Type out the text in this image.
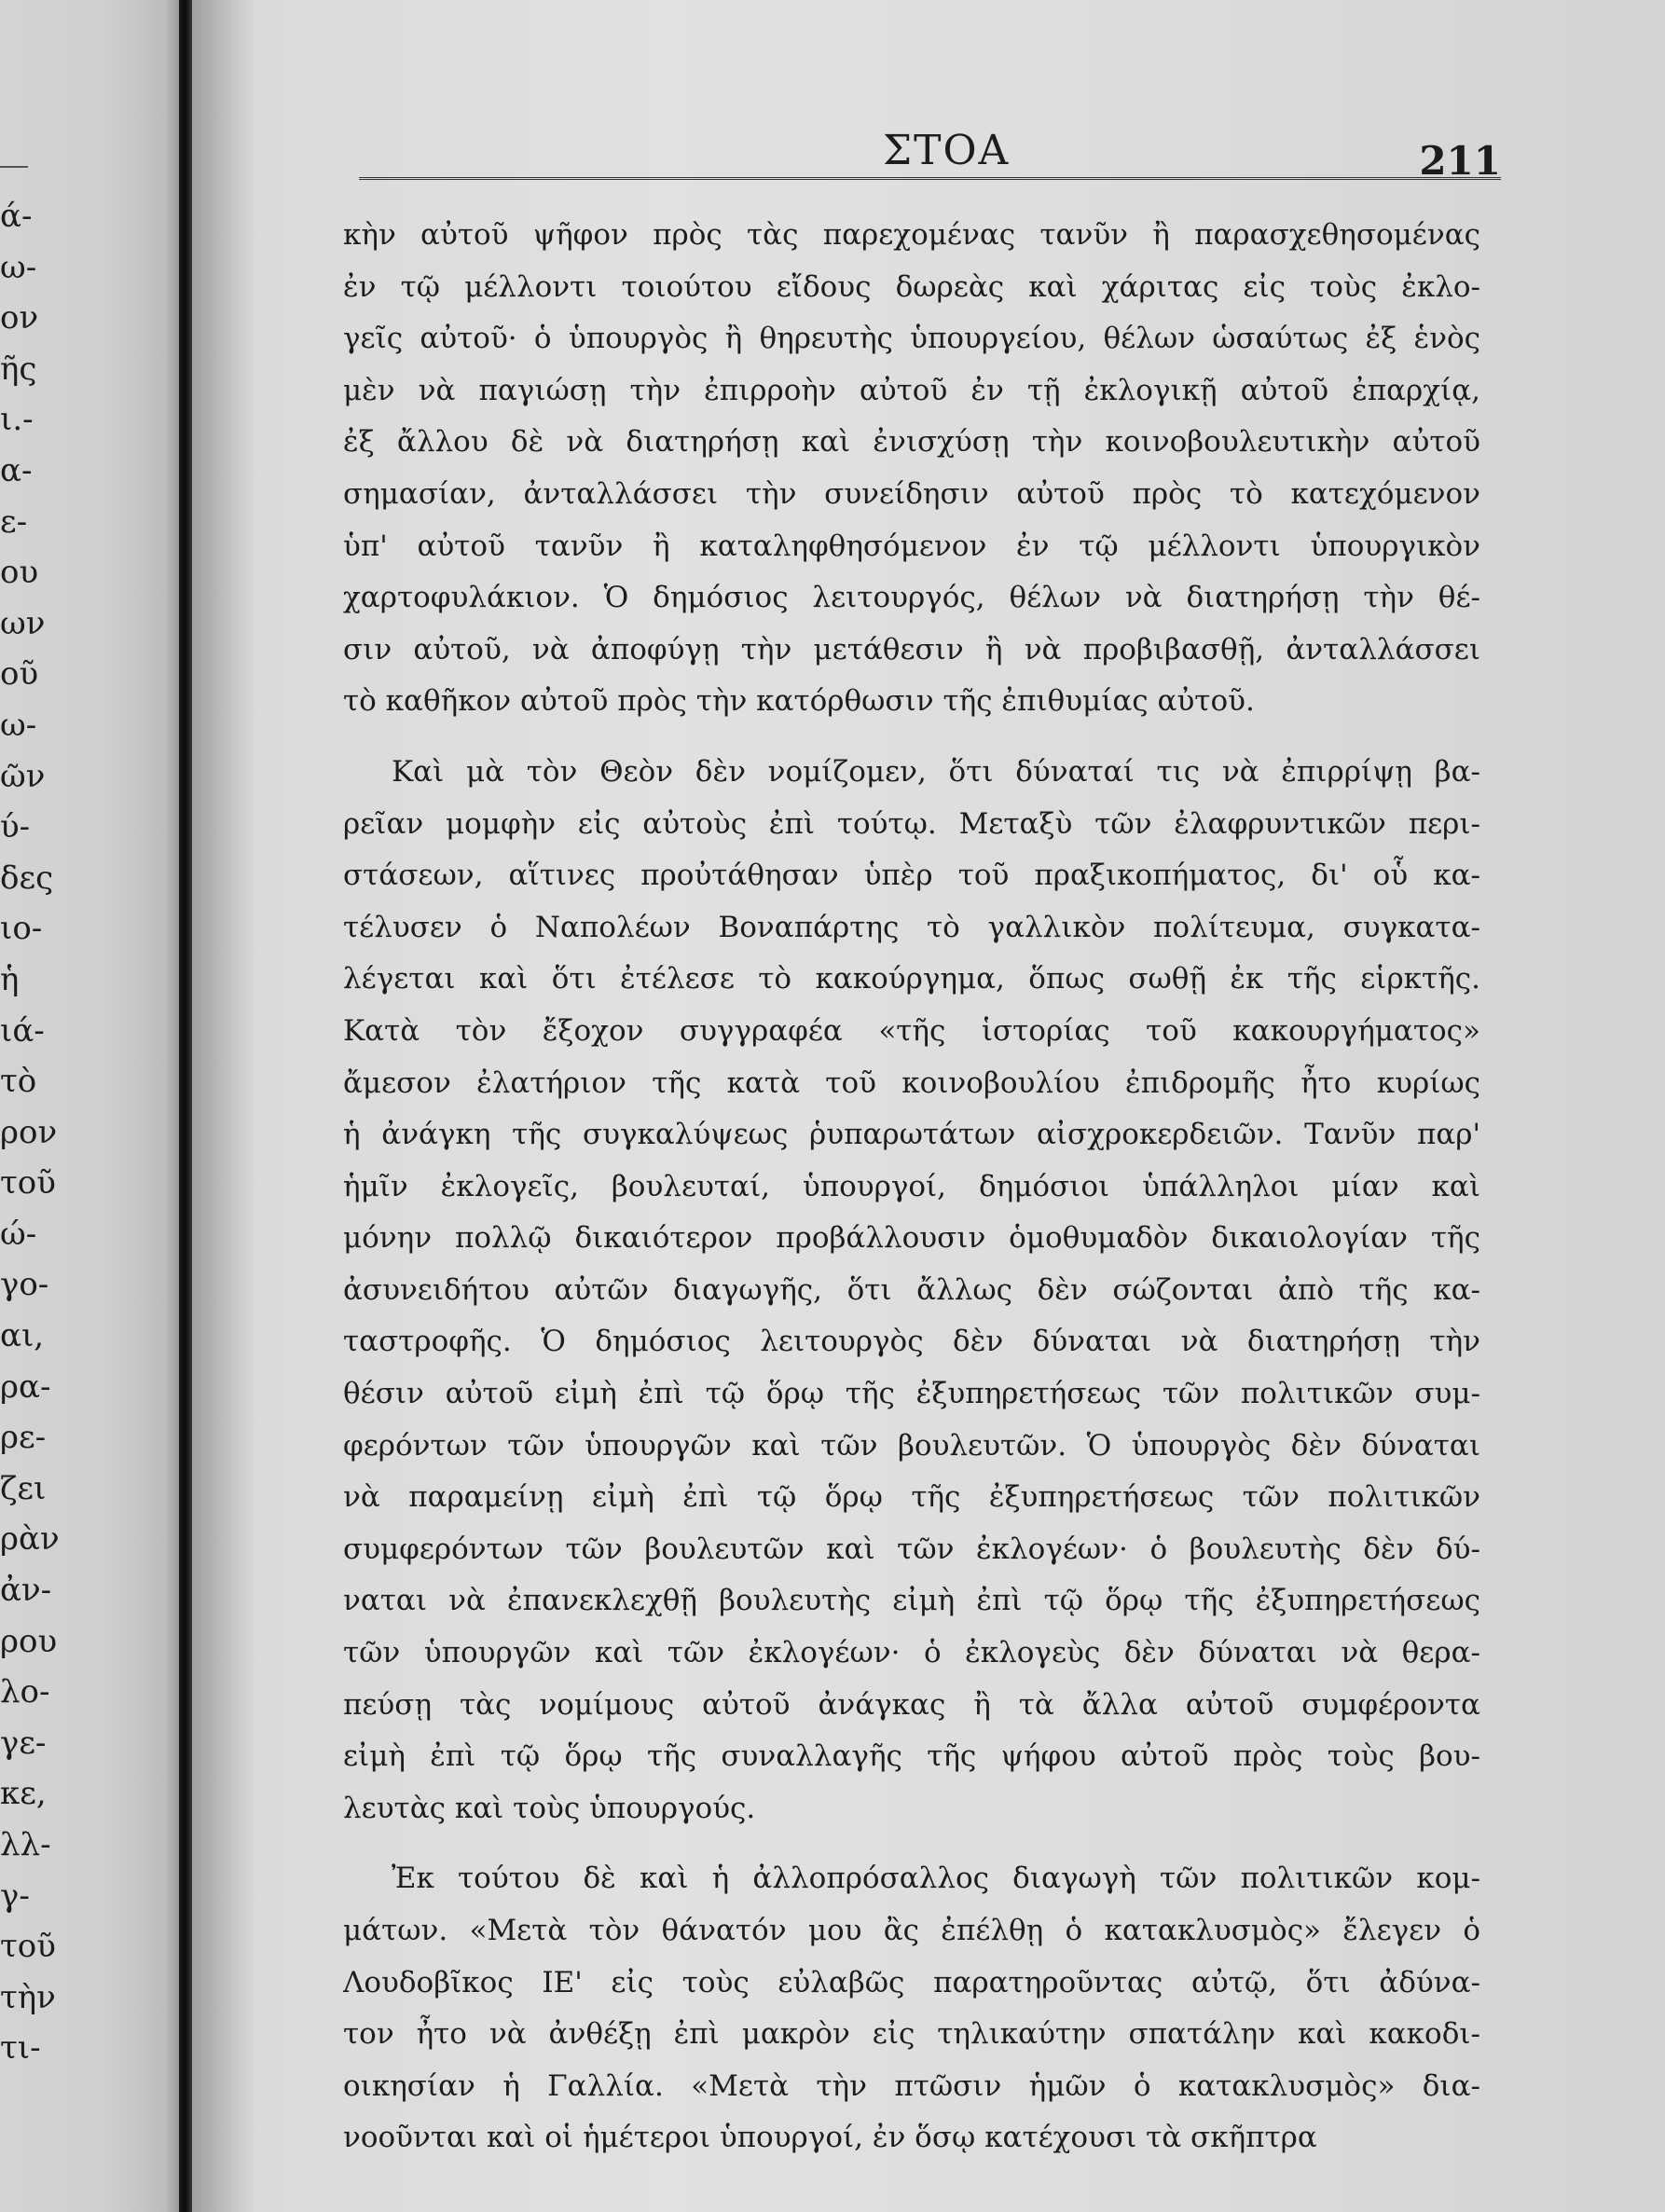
ά-
ω-
ον
ῆς
ι.-
α-
ε-
ου
ων
οῦ
ω-
ῶν
ύ-
δες
ιο-
ἡ
ιά-
τὸ
ρον
τοῦ
ώ-
γο-
αι,
ρα-
ρε-
ζει
ρὰν
ἀν-
ρου
λο-
γε-
κε,
λλ-
γ-
τοῦ
τὴν
τι-
ΣΤΟΑ	211
κὴν αὐτοῦ ψῆφον πρὸς τὰς παρεχομένας τανῦν ἢ παρασχεθησομένας
ἐν τῷ μέλλοντι τοιούτου εἴδους δωρεὰς καὶ χάριτας εἰς τοὺς ἐκλο-
γεῖς αὐτοῦ· ὁ ὑπουργὸς ἢ θηρευτὴς ὑπουργείου, θέλων ὡσαύτως ἐξ ἑνὸς
μὲν νὰ παγιώσῃ τὴν ἐπιρροὴν αὐτοῦ ἐν τῇ ἐκλογικῇ αὐτοῦ ἐπαρχίᾳ,
ἐξ ἄλλου δὲ νὰ διατηρήσῃ καὶ ἐνισχύσῃ τὴν κοινοβουλευτικὴν αὐτοῦ
σημασίαν, ἀνταλλάσσει τὴν συνείδησιν αὐτοῦ πρὸς τὸ κατεχόμενον
ὑπ' αὐτοῦ τανῦν ἢ καταληφθησόμενον ἐν τῷ μέλλοντι ὑπουργικὸν
χαρτοφυλάκιον. Ὁ δημόσιος λειτουργός, θέλων νὰ διατηρήσῃ τὴν θέ-
σιν αὐτοῦ, νὰ ἀποφύγῃ τὴν μετάθεσιν ἢ νὰ προβιβασθῇ, ἀνταλλάσσει
τὸ καθῆκον αὐτοῦ πρὸς τὴν κατόρθωσιν τῆς ἐπιθυμίας αὐτοῦ.
Καὶ μὰ τὸν Θεὸν δὲν νομίζομεν, ὅτι δύναταί τις νὰ ἐπιρρίψῃ βα-
ρεῖαν μομφὴν εἰς αὐτοὺς ἐπὶ τούτῳ. Μεταξὺ τῶν ἐλαφρυντικῶν περι-
στάσεων, αἵτινες προὐτάθησαν ὑπὲρ τοῦ πραξικοπήματος, δι' οὗ κα-
τέλυσεν ὁ Ναπολέων Βοναπάρτης τὸ γαλλικὸν πολίτευμα, συγκατα-
λέγεται καὶ ὅτι ἐτέλεσε τὸ κακούργημα, ὅπως σωθῇ ἐκ τῆς εἱρκτῆς.
Κατὰ τὸν ἔξοχον συγγραφέα «τῆς ἱστορίας τοῦ κακουργήματος»
ἄμεσον ἐλατήριον τῆς κατὰ τοῦ κοινοβουλίου ἐπιδρομῆς ἦτο κυρίως
ἡ ἀνάγκη τῆς συγκαλύψεως ῥυπαρωτάτων αἰσχροκερδειῶν. Τανῦν παρ'
ἡμῖν ἐκλογεῖς, βουλευταί, ὑπουργοί, δημόσιοι ὑπάλληλοι μίαν καὶ
μόνην πολλῷ δικαιότερον προβάλλουσιν ὁμοθυμαδὸν δικαιολογίαν τῆς
ἀσυνειδήτου αὐτῶν διαγωγῆς, ὅτι ἄλλως δὲν σώζονται ἀπὸ τῆς κα-
ταστροφῆς. Ὁ δημόσιος λειτουργὸς δὲν δύναται νὰ διατηρήσῃ τὴν
θέσιν αὐτοῦ εἰμὴ ἐπὶ τῷ ὅρῳ τῆς ἐξυπηρετήσεως τῶν πολιτικῶν συμ-
φερόντων τῶν ὑπουργῶν καὶ τῶν βουλευτῶν. Ὁ ὑπουργὸς δὲν δύναται
νὰ παραμείνῃ εἰμὴ ἐπὶ τῷ ὅρῳ τῆς ἐξυπηρετήσεως τῶν πολιτικῶν
συμφερόντων τῶν βουλευτῶν καὶ τῶν ἐκλογέων· ὁ βουλευτὴς δὲν δύ-
ναται νὰ ἐπανεκλεχθῇ βουλευτὴς εἰμὴ ἐπὶ τῷ ὅρῳ τῆς ἐξυπηρετήσεως
τῶν ὑπουργῶν καὶ τῶν ἐκλογέων· ὁ ἐκλογεὺς δὲν δύναται νὰ θερα-
πεύσῃ τὰς νομίμους αὐτοῦ ἀνάγκας ἢ τὰ ἄλλα αὐτοῦ συμφέροντα
εἰμὴ ἐπὶ τῷ ὅρῳ τῆς συναλλαγῆς τῆς ψήφου αὐτοῦ πρὸς τοὺς βου-
λευτὰς καὶ τοὺς ὑπουργούς.
Ἐκ τούτου δὲ καὶ ἡ ἀλλοπρόσαλλος διαγωγὴ τῶν πολιτικῶν κομ-
μάτων. «Μετὰ τὸν θάνατόν μου ἂς ἐπέλθῃ ὁ κατακλυσμὸς» ἔλεγεν ὁ
Λουδοβῖκος ΙΕ' εἰς τοὺς εὐλαβῶς παρατηροῦντας αὐτῷ, ὅτι ἀδύνα-
τον ἦτο νὰ ἀνθέξῃ ἐπὶ μακρὸν εἰς τηλικαύτην σπατάλην καὶ κακοδι-
οικησίαν ἡ Γαλλία. «Μετὰ τὴν πτῶσιν ἡμῶν ὁ κατακλυσμὸς» δια-
νοοῦνται καὶ οἱ ἡμέτεροι ὑπουργοί, ἐν ὅσῳ κατέχουσι τὰ σκῆπτρα
